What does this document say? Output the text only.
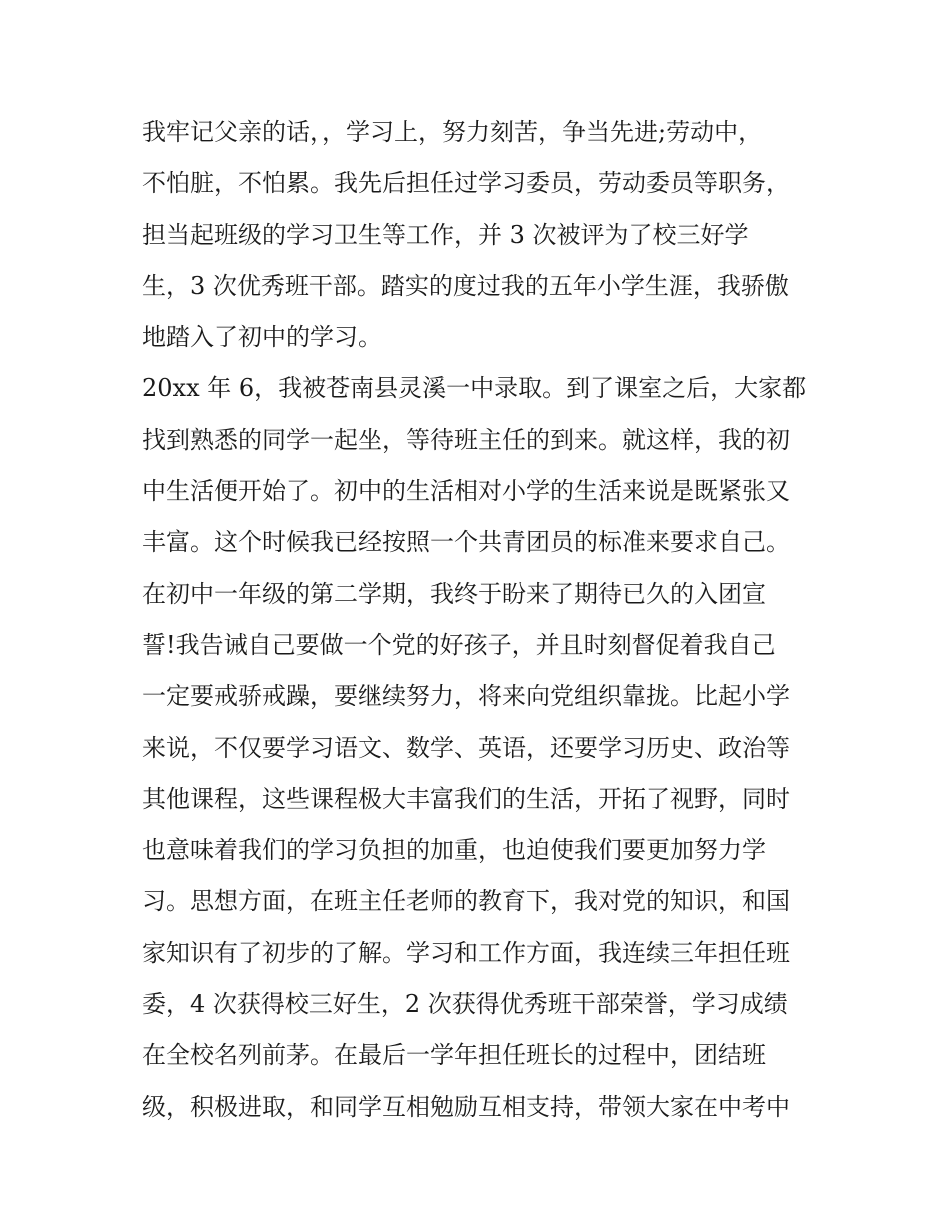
我牢记父亲的话，，学习上，努力刻苦，争当先进;劳动中，
不怕脏，不怕累。我先后担任过学习委员，劳动委员等职务，
担当起班级的学习卫生等工作，并 3 次被评为了校三好学
生，3 次优秀班干部。踏实的度过我的五年小学生涯，我骄傲
地踏入了初中的学习。
20xx 年 6，我被苍南县灵溪一中录取。到了课室之后，大家都
找到熟悉的同学一起坐，等待班主任的到来。就这样，我的初
中生活便开始了。初中的生活相对小学的生活来说是既紧张又
丰富。这个时候我已经按照一个共青团员的标准来要求自己。
在初中一年级的第二学期，我终于盼来了期待已久的入团宣
誓!我告诫自己要做一个党的好孩子，并且时刻督促着我自己
一定要戒骄戒躁，要继续努力，将来向党组织靠拢。比起小学
来说，不仅要学习语文、数学、英语，还要学习历史、政治等
其他课程，这些课程极大丰富我们的生活，开拓了视野，同时
也意味着我们的学习负担的加重，也迫使我们要更加努力学
习。思想方面，在班主任老师的教育下，我对党的知识，和国
家知识有了初步的了解。学习和工作方面，我连续三年担任班
委，4 次获得校三好生，2 次获得优秀班干部荣誉，学习成绩
在全校名列前茅。在最后一学年担任班长的过程中，团结班
级，积极进取，和同学互相勉励互相支持，带领大家在中考中
